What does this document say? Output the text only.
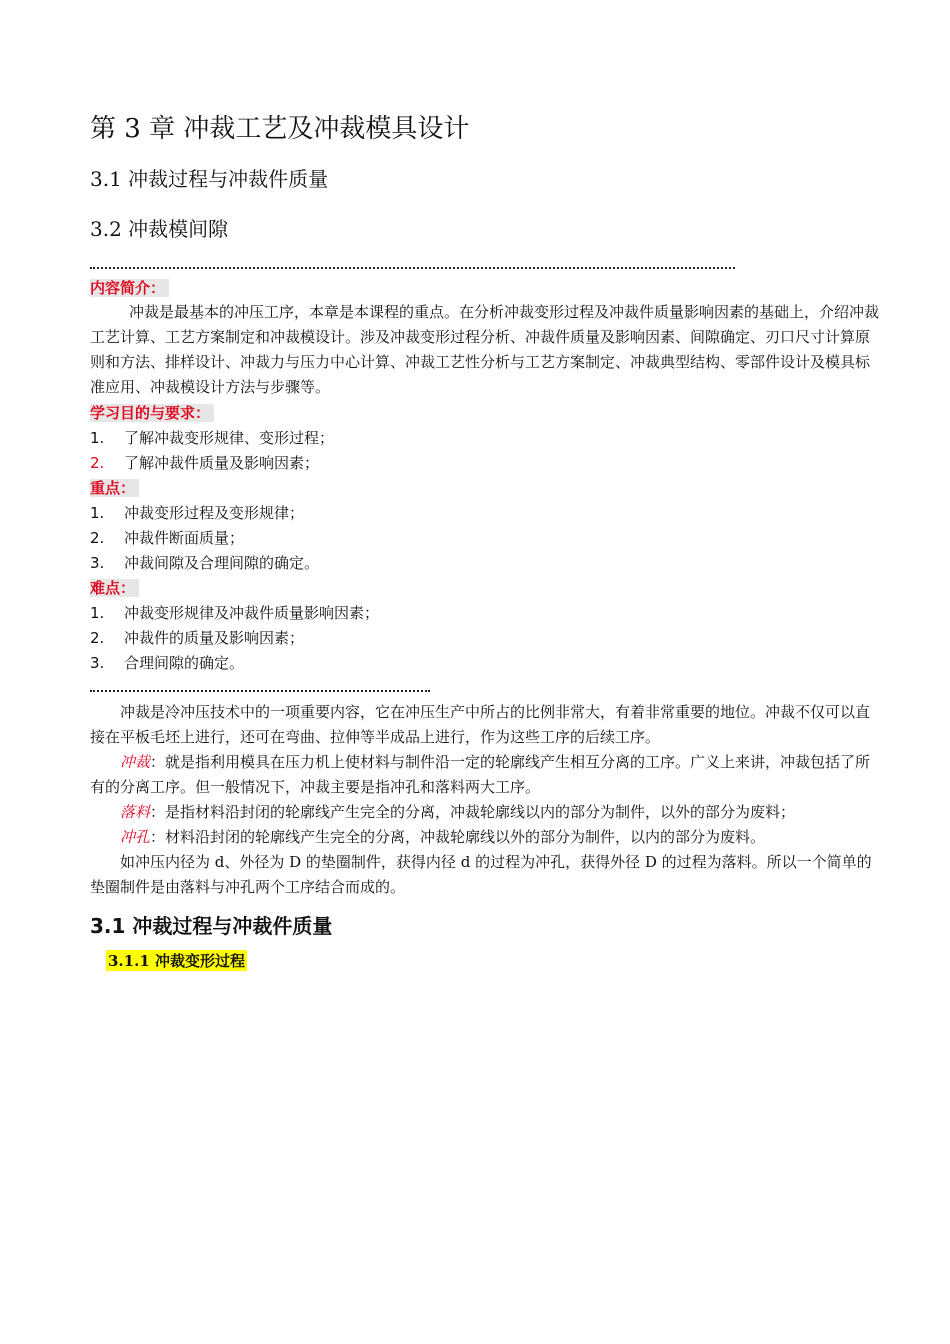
第 3 章 冲裁工艺及冲裁模具设计
3.1 冲裁过程与冲裁件质量
3.2 冲裁模间隙
内容简介：
冲裁是最基本的冲压工序，本章是本课程的重点。在分析冲裁变形过程及冲裁件质量影响因素的基础上，介绍冲裁工艺计算、工艺方案制定和冲裁模设计。涉及冲裁变形过程分析、冲裁件质量及影响因素、间隙确定、刃口尺寸计算原则和方法、排样设计、冲裁力与压力中心计算、冲裁工艺性分析与工艺方案制定、冲裁典型结构、零部件设计及模具标准应用、冲裁模设计方法与步骤等。
学习目的与要求：
1. 了解冲裁变形规律、变形过程；
2. 了解冲裁件质量及影响因素；
重点：
1. 冲裁变形过程及变形规律；
2. 冲裁件断面质量；
3. 冲裁间隙及合理间隙的确定。
难点：
1. 冲裁变形规律及冲裁件质量影响因素；
2. 冲裁件的质量及影响因素；
3. 合理间隙的确定。
冲裁是冷冲压技术中的一项重要内容，它在冲压生产中所占的比例非常大，有着非常重要的地位。冲裁不仅可以直接在平板毛坯上进行，还可在弯曲、拉伸等半成品上进行，作为这些工序的后续工序。
冲裁：就是指利用模具在压力机上使材料与制件沿一定的轮廓线产生相互分离的工序。广义上来讲，冲裁包括了所有的分离工序。但一般情况下，冲裁主要是指冲孔和落料两大工序。
落料：是指材料沿封闭的轮廓线产生完全的分离，冲裁轮廓线以内的部分为制件，以外的部分为废料；
冲孔：材料沿封闭的轮廓线产生完全的分离，冲裁轮廓线以外的部分为制件，以内的部分为废料。
如冲压内径为 d、外径为 D 的垫圈制件，获得内径 d 的过程为冲孔，获得外径 D 的过程为落料。所以一个简单的垫圈制件是由落料与冲孔两个工序结合而成的。
3.1 冲裁过程与冲裁件质量
3.1.1 冲裁变形过程
